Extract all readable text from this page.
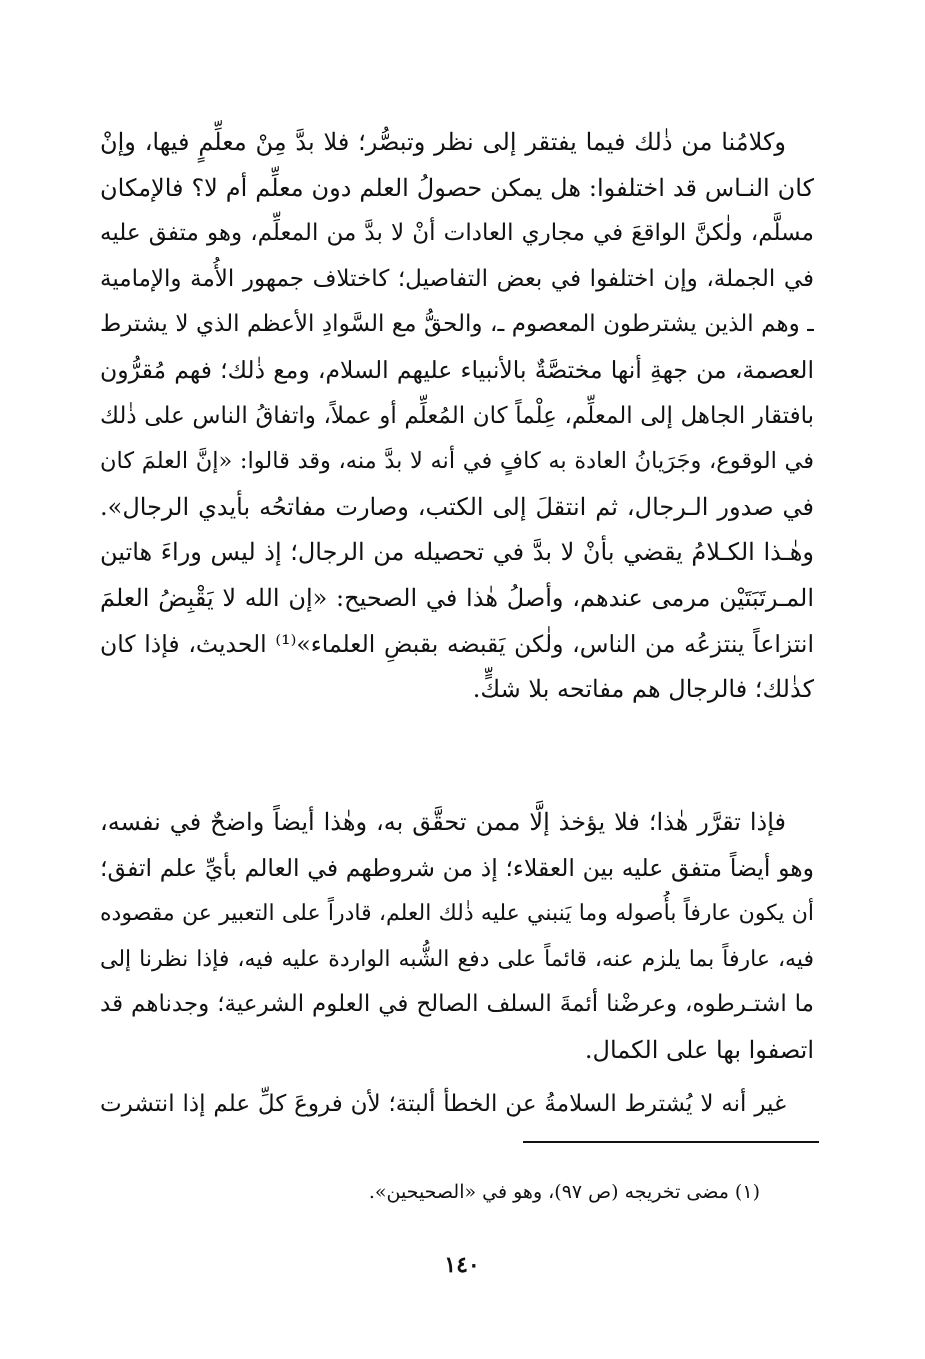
وكلامُنا من ذٰلك فيما يفتقر إلى نظر وتبصُّر؛ فلا بدَّ مِنْ معلِّمٍ فيها، وإنْ
كان النـاس قد اختلفوا: هل يمكن حصولُ العلم دون معلِّم أم لا؟ فالإمكان
مسلَّم، ولٰكنَّ الواقعَ في مجاري العادات أنْ لا بدَّ من المعلِّم، وهو متفق عليه
في الجملة، وإن اختلفوا في بعض التفاصيل؛ كاختلاف جمهور الأُمة والإمامية
ـ وهم الذين يشترطون المعصوم ـ، والحقُّ مع السَّوادِ الأعظم الذي لا يشترط
العصمة، من جهةِ أنها مختصَّةٌ بالأنبياء عليهم السلام، ومع ذٰلك؛ فهم مُقرُّون
بافتقار الجاهل إلى المعلِّم، عِلْماً كان المُعلِّم أو عملاً، واتفاقُ الناس على ذٰلك
في الوقوع، وجَرَيانُ العادة به كافٍ في أنه لا بدَّ منه، وقد قالوا: «إنَّ العلمَ كان
في صدور الـرجال، ثم انتقلَ إلى الكتب، وصارت مفاتحُه بأيدي الرجال».
وهٰـذا الكـلامُ يقضي بأنْ لا بدَّ في تحصيله من الرجال؛ إذ ليس وراءَ هاتين
المـرتَبَتَيْن مرمى عندهم، وأصلُ هٰذا في الصحيح: «إن الله لا يَقْبِضُ العلمَ
انتزاعاً ينتزعُه من الناس، ولٰكن يَقبضه بقبضِ العلماء»⁽¹⁾ الحديث، فإذا كان
كذٰلك؛ فالرجال هم مفاتحه بلا شكٍّ.
فإذا تقرَّر هٰذا؛ فلا يؤخذ إلَّا ممن تحقَّق به، وهٰذا أيضاً واضحٌ في نفسه،
وهو أيضاً متفق عليه بين العقلاء؛ إذ من شروطهم في العالم بأيِّ علم اتفق؛
أن يكون عارفاً بأُصوله وما يَنبني عليه ذٰلك العلم، قادراً على التعبير عن مقصوده
فيه، عارفاً بما يلزم عنه، قائماً على دفع الشُّبه الواردة عليه فيه، فإذا نظرنا إلى
ما اشتـرطوه، وعرضْنا أئمةَ السلف الصالح في العلوم الشرعية؛ وجدناهم قد
اتصفوا بها على الكمال.
غير أنه لا يُشترط السلامةُ عن الخطأ ألبتة؛ لأن فروعَ كلِّ علم إذا انتشرت
(١) مضى تخريجه (ص ٩٧)، وهو في «الصحيحين».
١٤٠
